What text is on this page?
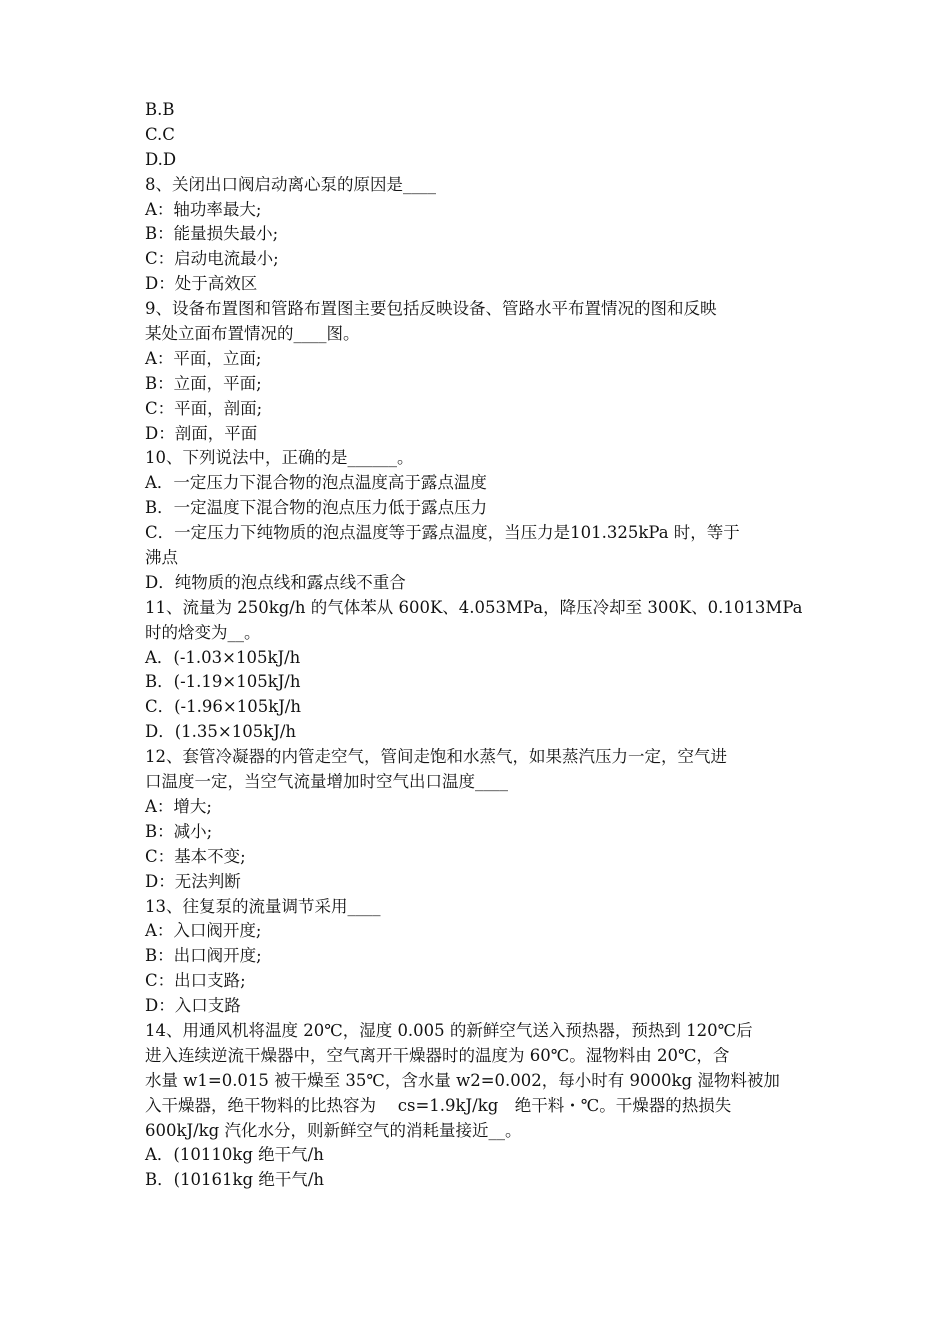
B.B
C.C
D.D
8、关闭出口阀启动离心泵的原因是____
A：轴功率最大;
B：能量损失最小;
C：启动电流最小;
D：处于高效区
9、设备布置图和管路布置图主要包括反映设备、管路水平布置情况的图和反映
某处立面布置情况的____图。
A：平面，立面;
B：立面，平面;
C：平面，剖面;
D：剖面，平面
10、下列说法中，正确的是______。
A．一定压力下混合物的泡点温度高于露点温度
B．一定温度下混合物的泡点压力低于露点压力
C．一定压力下纯物质的泡点温度等于露点温度，当压力是101.325kPa 时，等于
沸点
D．纯物质的泡点线和露点线不重合
11、流量为 250kg/h 的气体苯从 600K、4.053MPa，降压冷却至 300K、0.1013MPa
时的焓变为__。
A．(-1.03×105kJ/h
B．(-1.19×105kJ/h
C．(-1.96×105kJ/h
D．(1.35×105kJ/h
12、套管冷凝器的内管走空气，管间走饱和水蒸气，如果蒸汽压力一定，空气进
口温度一定，当空气流量增加时空气出口温度____
A：增大;
B：减小;
C：基本不变;
D：无法判断
13、往复泵的流量调节采用____
A：入口阀开度;
B：出口阀开度;
C：出口支路;
D：入口支路
14、用通风机将温度 20℃，湿度 0.005 的新鲜空气送入预热器，预热到 120℃后
进入连续逆流干燥器中，空气离开干燥器时的温度为 60℃。湿物料由 20℃，含
水量 w1=0.015 被干燥至 35℃，含水量 w2=0.002，每小时有 9000kg 湿物料被加
入干燥器，绝干物料的比热容为　 cs=1.9kJ/kg　绝干料・℃。干燥器的热损失
600kJ/kg 汽化水分，则新鲜空气的消耗量接近__。
A．(10110kg 绝干气/h
B．(10161kg 绝干气/h
